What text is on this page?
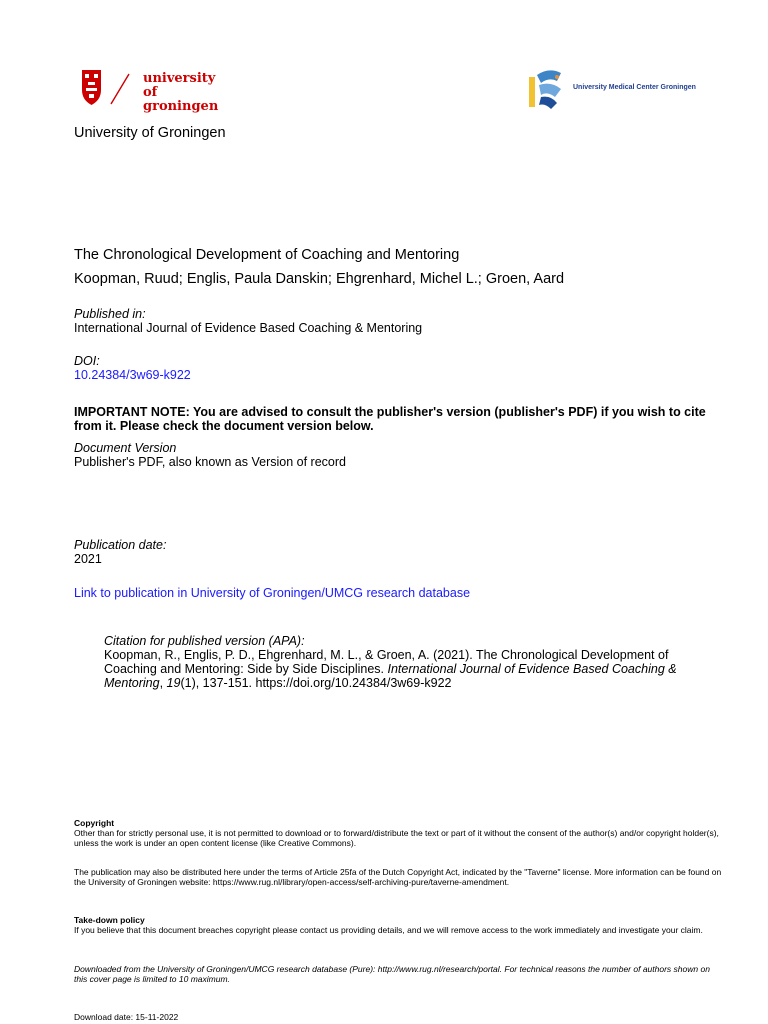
university of
groningen
University Medical Center Groningen
University of Groningen
The Chronological Development of Coaching and Mentoring
Koopman, Ruud; Englis, Paula Danskin; Ehgrenhard, Michel L.; Groen, Aard
Published in:
International Journal of Evidence Based Coaching & Mentoring
DOI:
10.24384/3w69-k922
IMPORTANT NOTE: You are advised to consult the publisher's version (publisher's PDF) if you wish to cite from it. Please check the document version below.
Document Version
Publisher's PDF, also known as Version of record
Publication date:
2021
Link to publication in University of Groningen/UMCG research database
Citation for published version (APA):
Koopman, R., Englis, P. D., Ehgrenhard, M. L., & Groen, A. (2021). The Chronological Development of Coaching and Mentoring: Side by Side Disciplines. International Journal of Evidence Based Coaching & Mentoring, 19(1), 137-151. https://doi.org/10.24384/3w69-k922
Copyright
Other than for strictly personal use, it is not permitted to download or to forward/distribute the text or part of it without the consent of the author(s) and/or copyright holder(s), unless the work is under an open content license (like Creative Commons).
The publication may also be distributed here under the terms of Article 25fa of the Dutch Copyright Act, indicated by the "Taverne" license. More information can be found on the University of Groningen website: https://www.rug.nl/library/open-access/self-archiving-pure/taverne-amendment.
Take-down policy
If you believe that this document breaches copyright please contact us providing details, and we will remove access to the work immediately and investigate your claim.
Downloaded from the University of Groningen/UMCG research database (Pure): http://www.rug.nl/research/portal. For technical reasons the number of authors shown on this cover page is limited to 10 maximum.
Download date: 15-11-2022
